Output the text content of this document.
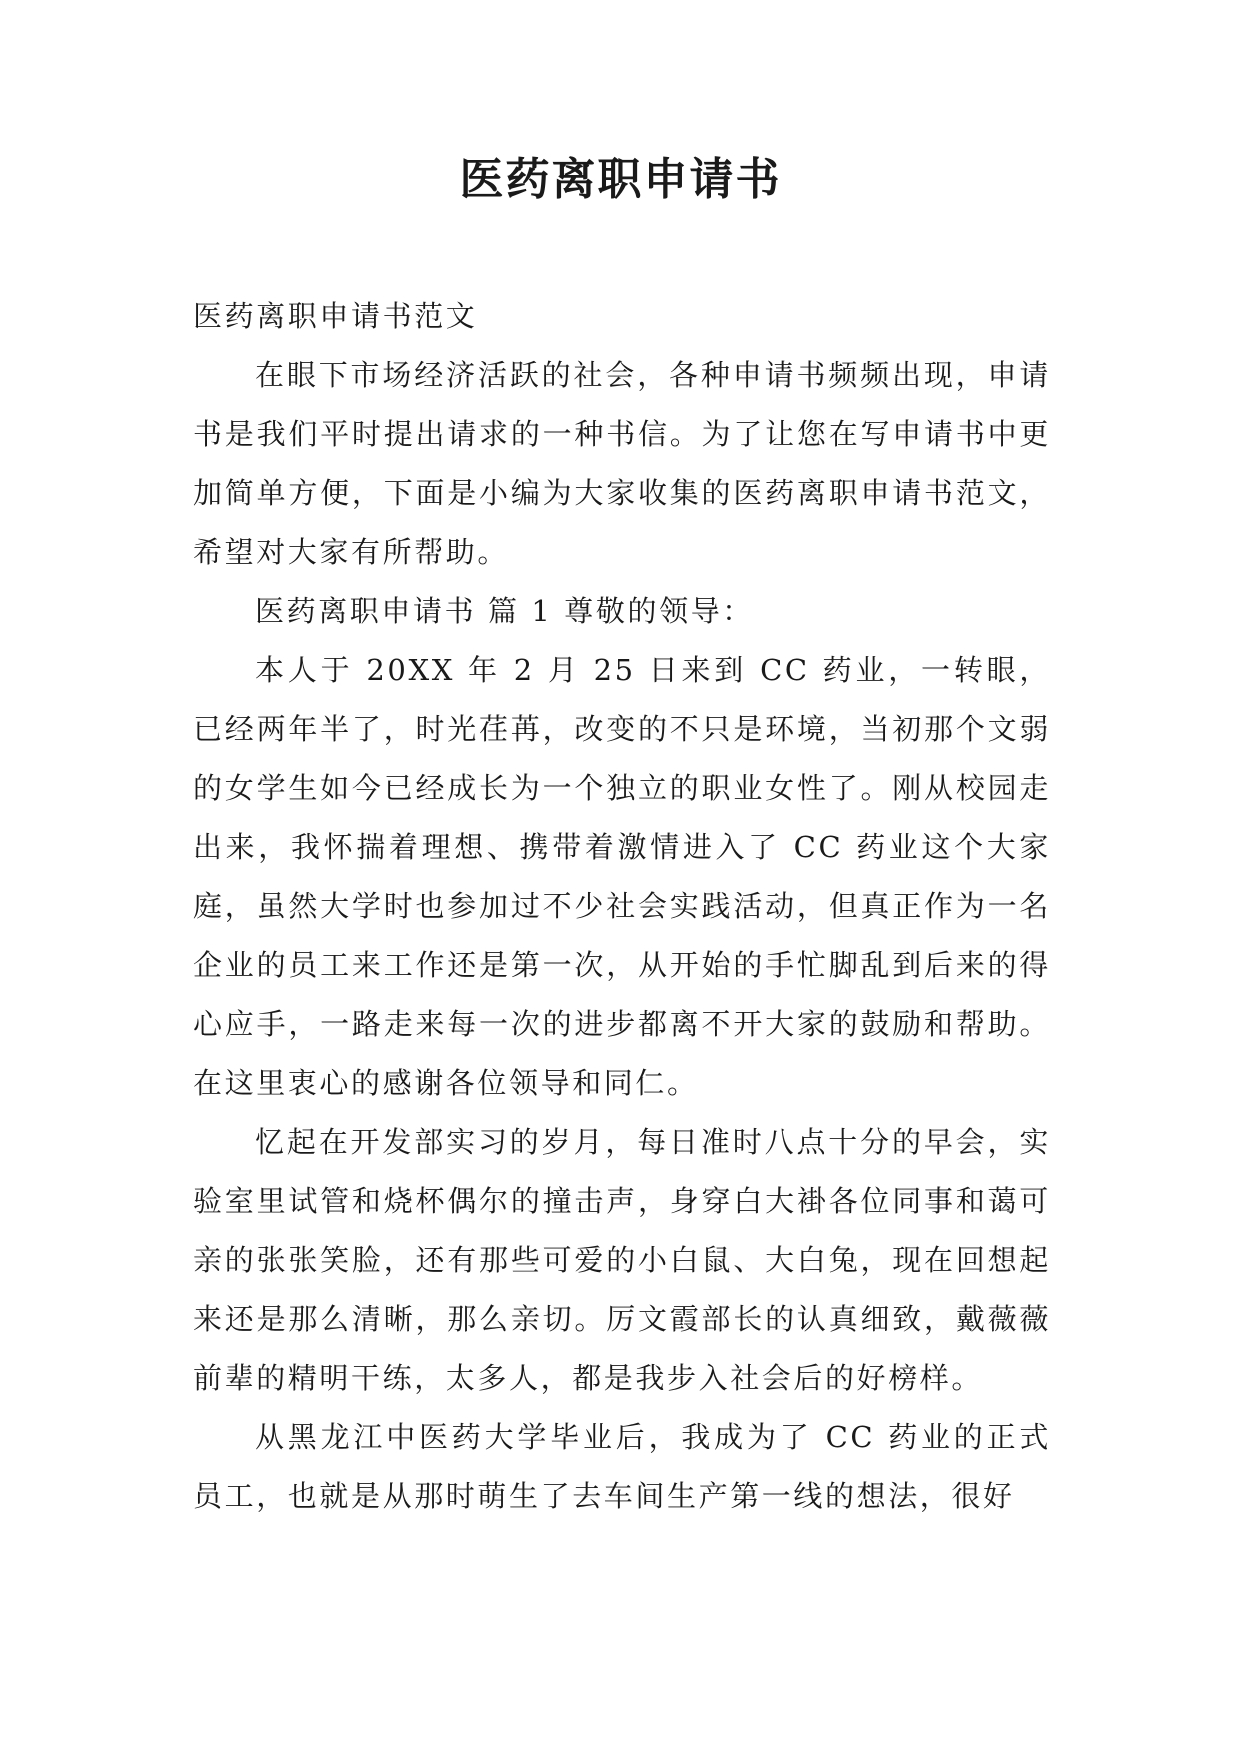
医药离职申请书

医药离职申请书范文

在眼下市场经济活跃的社会，各种申请书频频出现，申请书是我们平时提出请求的一种书信。为了让您在写申请书中更加简单方便，下面是小编为大家收集的医药离职申请书范文，希望对大家有所帮助。

医药离职申请书 篇 1 尊敬的领导：

本人于 20XX 年 2 月 25 日来到 CC 药业，一转眼，已经两年半了，时光荏苒，改变的不只是环境，当初那个文弱的女学生如今已经成长为一个独立的职业女性了。刚从校园走出来，我怀揣着理想、携带着激情进入了 CC 药业这个大家庭，虽然大学时也参加过不少社会实践活动，但真正作为一名企业的员工来工作还是第一次，从开始的手忙脚乱到后来的得心应手，一路走来每一次的进步都离不开大家的鼓励和帮助。在这里衷心的感谢各位领导和同仁。

忆起在开发部实习的岁月，每日准时八点十分的早会，实验室里试管和烧杯偶尔的撞击声，身穿白大褂各位同事和蔼可亲的张张笑脸，还有那些可爱的小白鼠、大白兔，现在回想起来还是那么清晰，那么亲切。厉文霞部长的认真细致，戴薇薇前辈的精明干练，太多人，都是我步入社会后的好榜样。

从黑龙江中医药大学毕业后，我成为了 CC 药业的正式员工，也就是从那时萌生了去车间生产第一线的想法，很好
